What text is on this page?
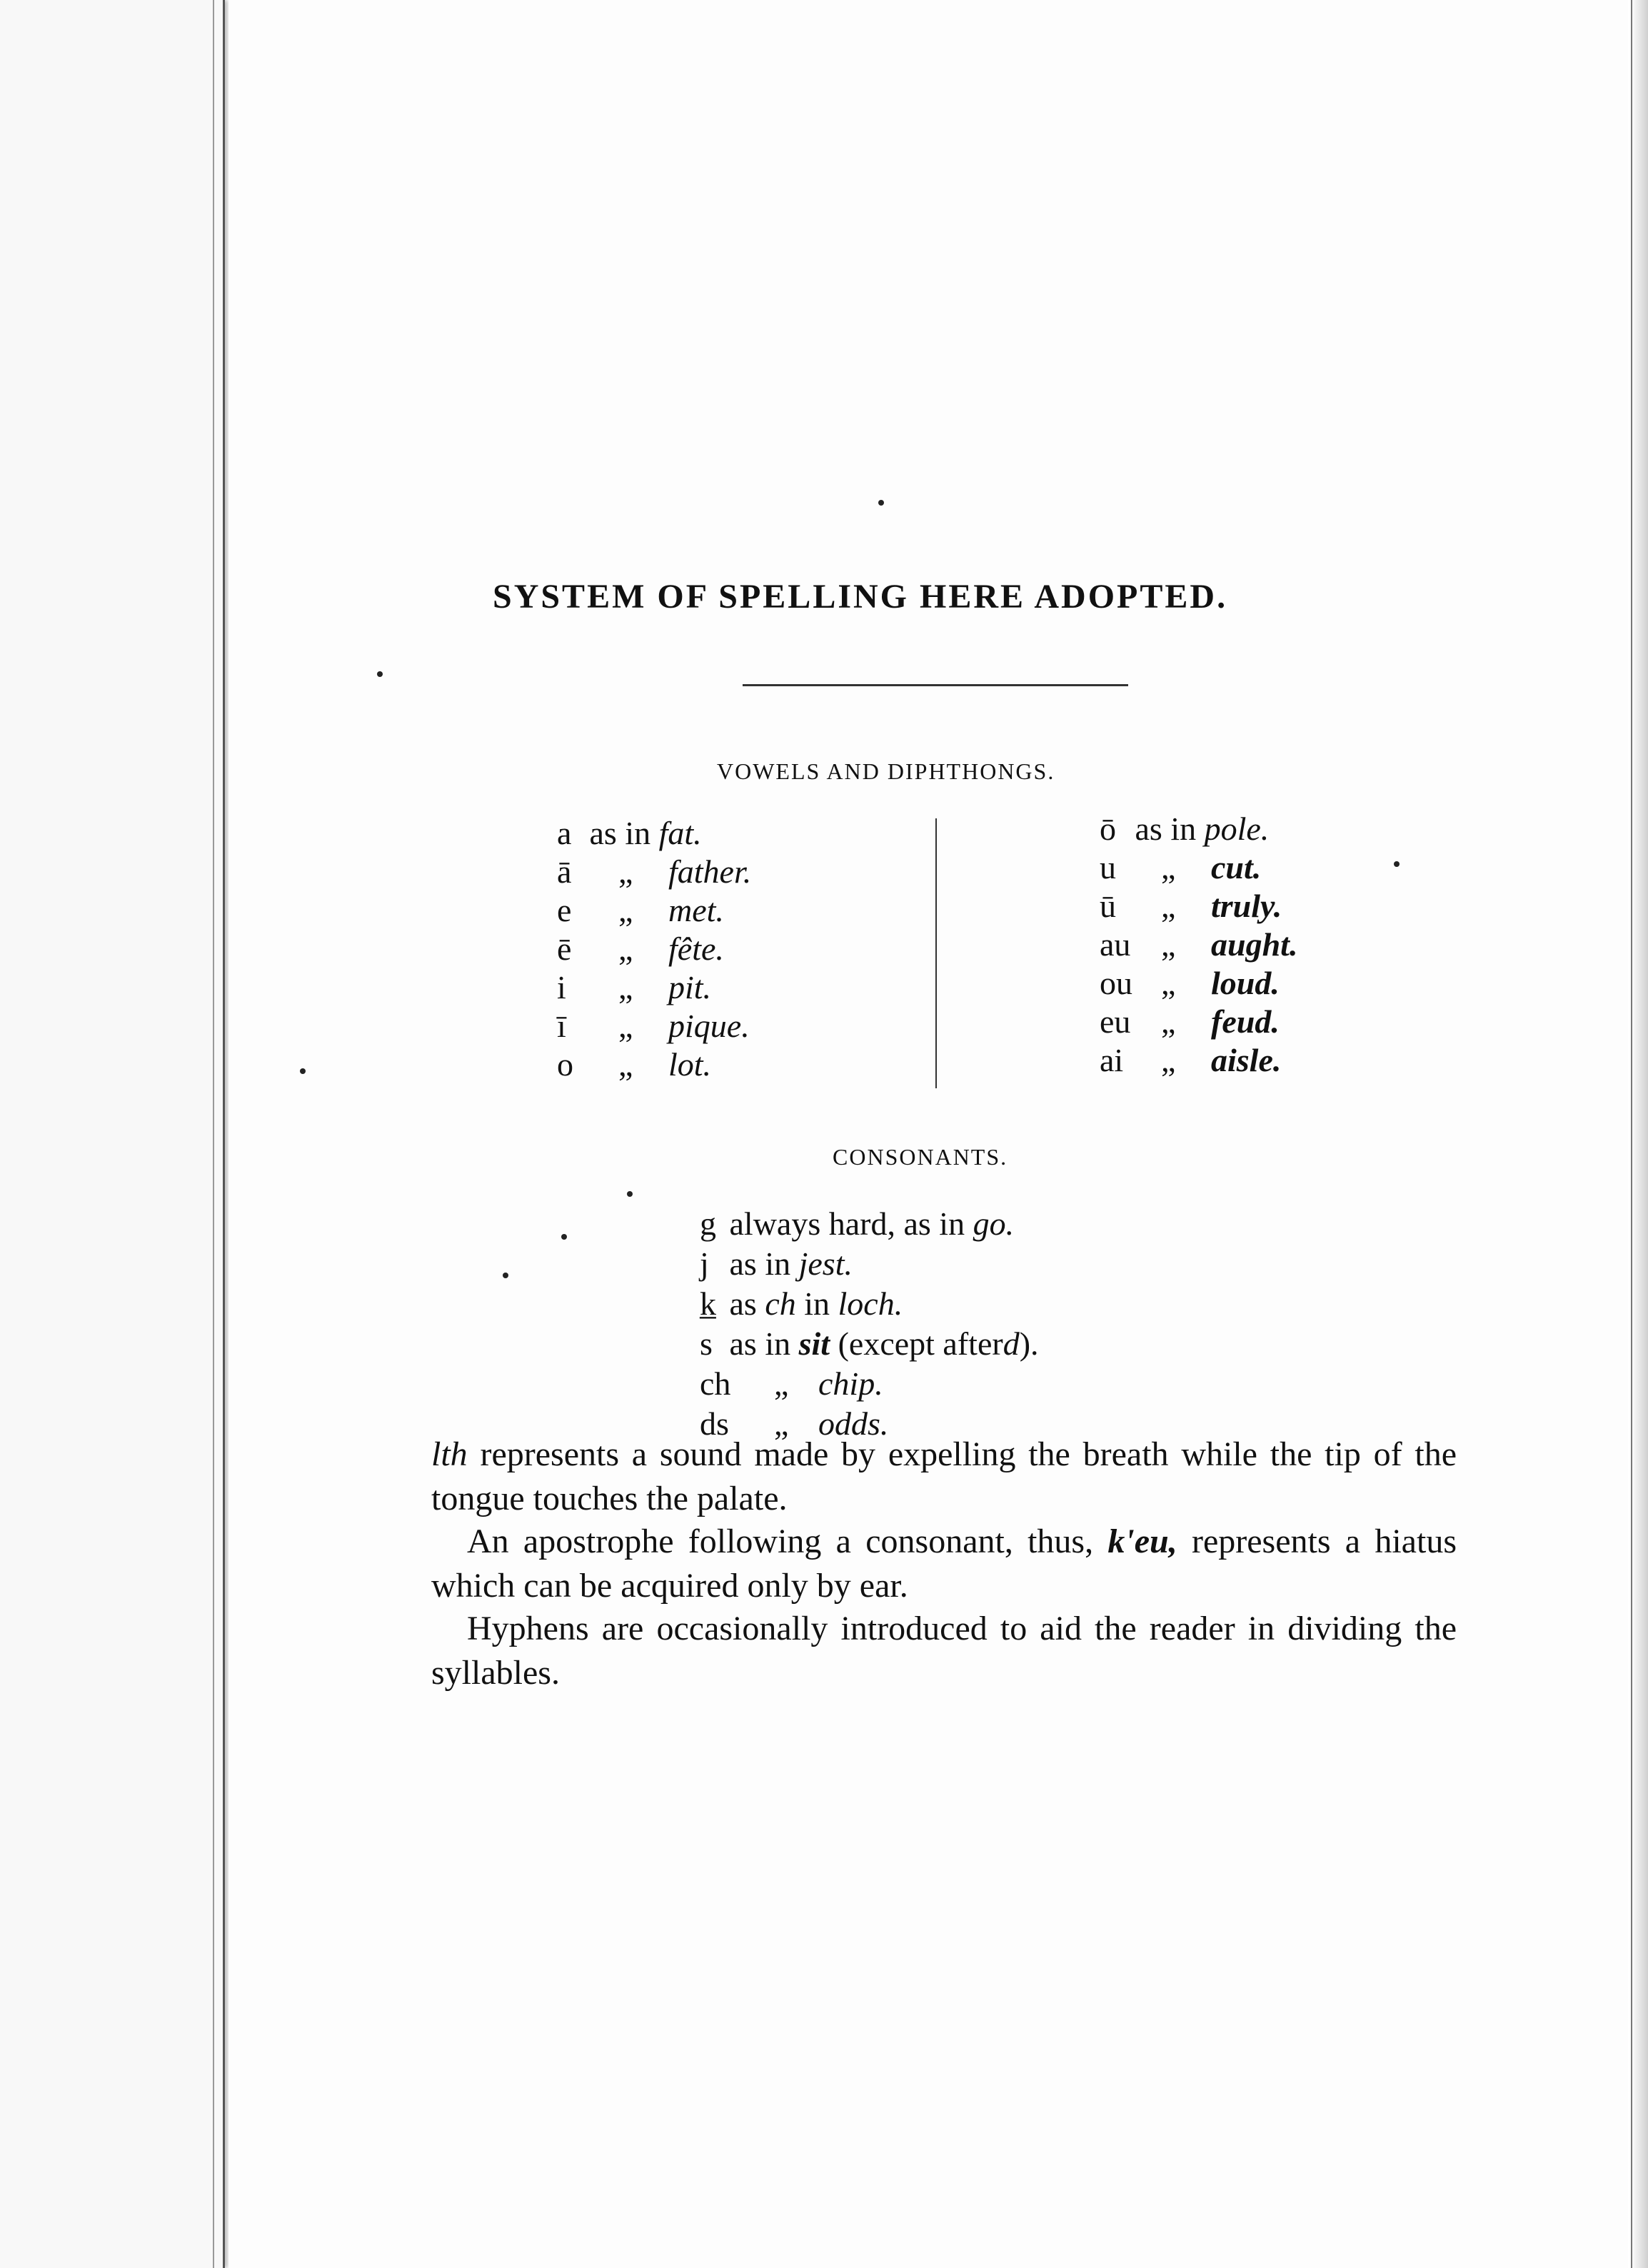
SYSTEM OF SPELLING HERE ADOPTED.
VOWELS AND DIPHTHONGS.
a as in fat.
ā „ father.
e „ met.
ē „ fête.
i „ pit.
ī „ pique.
o „ lot.
ō as in pole.
u „ cut.
ū „ truly.
au „ aught.
ou „ loud.
eu „ feud.
ai „ aisle.
CONSONANTS.
g always hard, as in go.
j as in jest.
k̲ as ch in loch.
s as in sit (except afterd).
ch „ chip.
ds „ odds.
lth represents a sound made by expelling the breath while the tip of the tongue touches the palate.
An apostrophe following a consonant, thus, k'eu, represents a hiatus which can be acquired only by ear.
Hyphens are occasionally introduced to aid the reader in dividing the syllables.
